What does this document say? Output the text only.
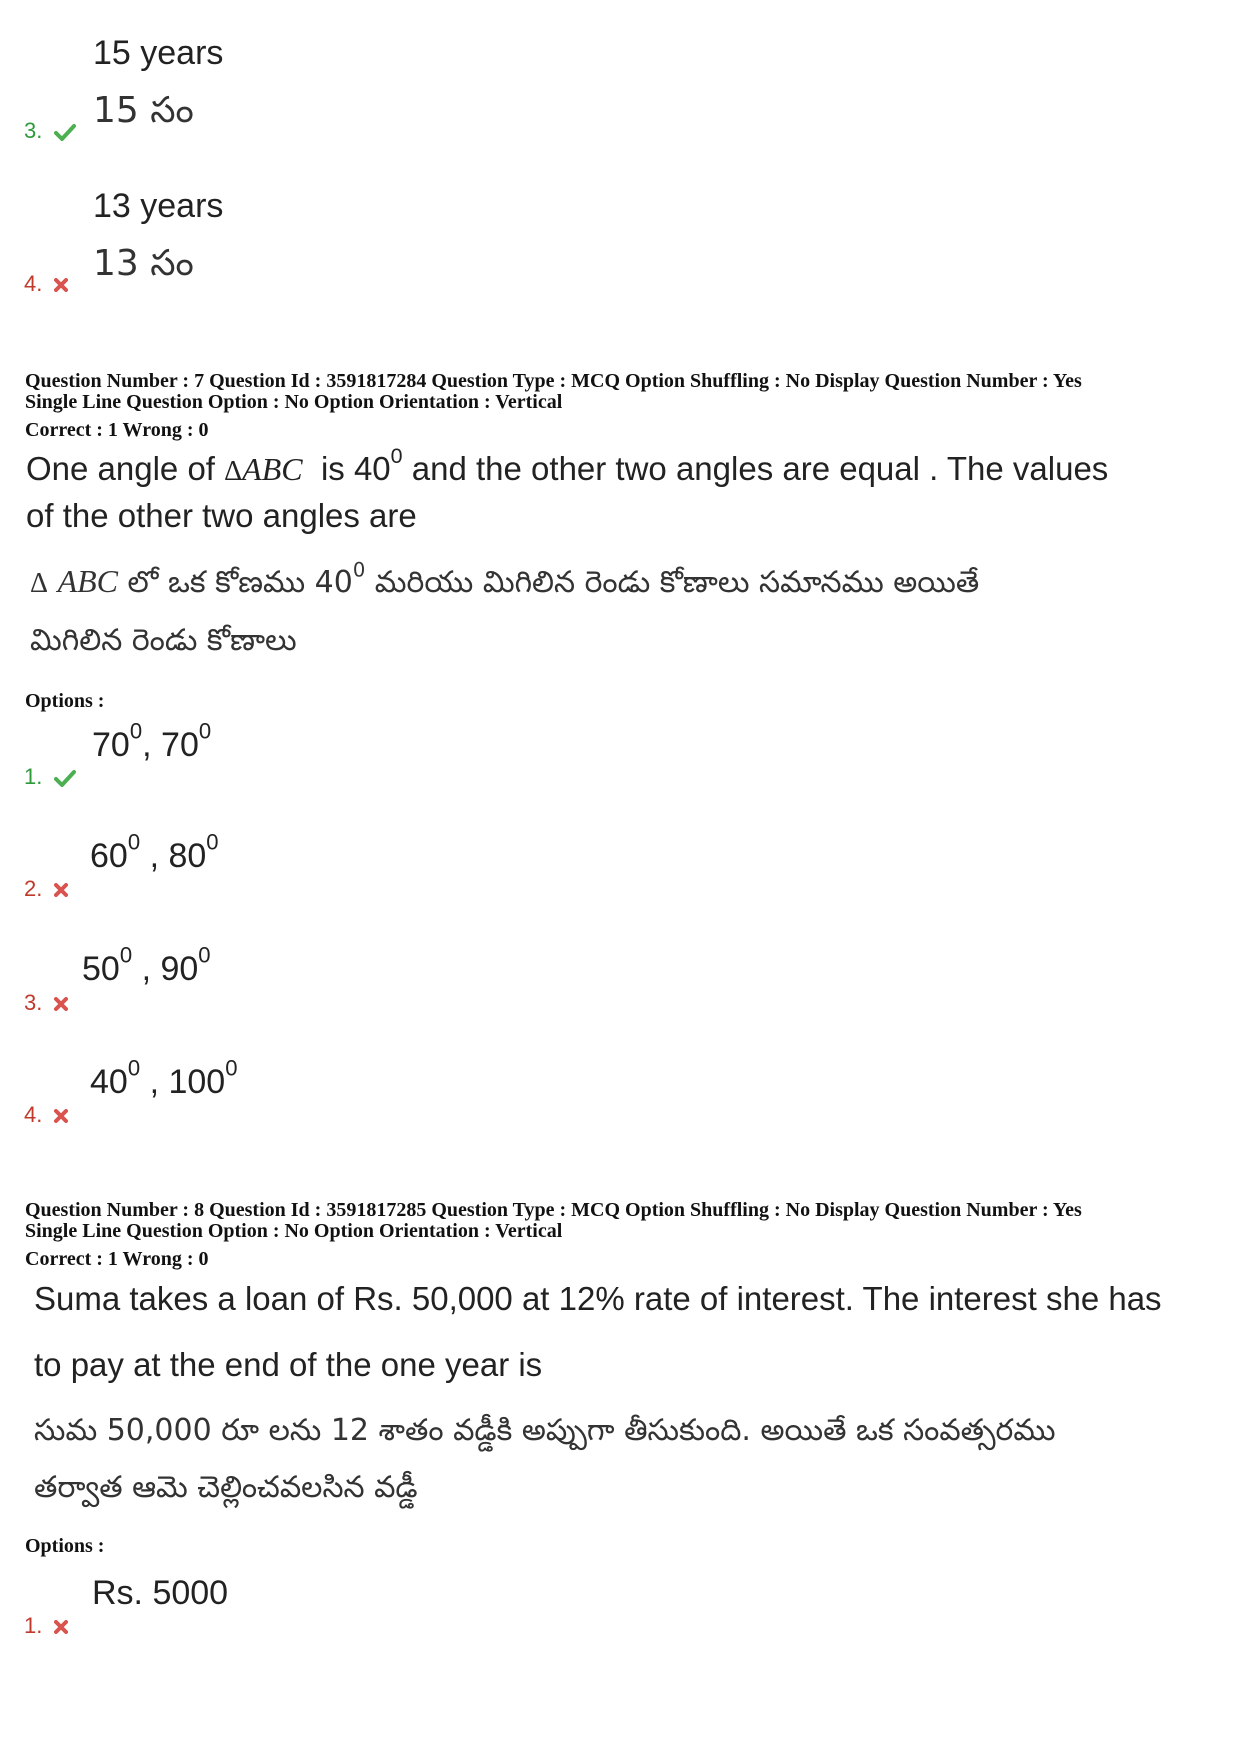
15 years
15 సం
3.
13 years
13 సం
4.
Question Number : 7 Question Id : 3591817284 Question Type : MCQ Option Shuffling : No Display Question Number : Yes
Single Line Question Option : No Option Orientation : Vertical
Correct : 1 Wrong : 0
One angle of ΔABC is $40^0$ and the other two angles are equal . The values
of the other two angles are
Δ ABC లో ఒక కోణము $40^0$ మరియు మిగిలిన రెండు కోణాలు సమానము అయితే
మిగిలిన రెండు కోణాలు
Options :
$70^0$, $70^0$
1.
$60^0$ , $80^0$
2.
$50^0$ , $90^0$
3.
$40^0$ , $100^0$
4.
Question Number : 8 Question Id : 3591817285 Question Type : MCQ Option Shuffling : No Display Question Number : Yes
Single Line Question Option : No Option Orientation : Vertical
Correct : 1 Wrong : 0
Suma takes a loan of Rs. 50,000 at 12% rate of interest. The interest she has
to pay at the end of the one year is
సుమ 50,000 రూ లను 12 శాతం వడ్డీకి అప్పుగా తీసుకుంది. అయితే ఒక సంవత్సరము
తర్వాత ఆమె చెల్లించవలసిన వడ్డీ
Options :
Rs. 5000
1.
